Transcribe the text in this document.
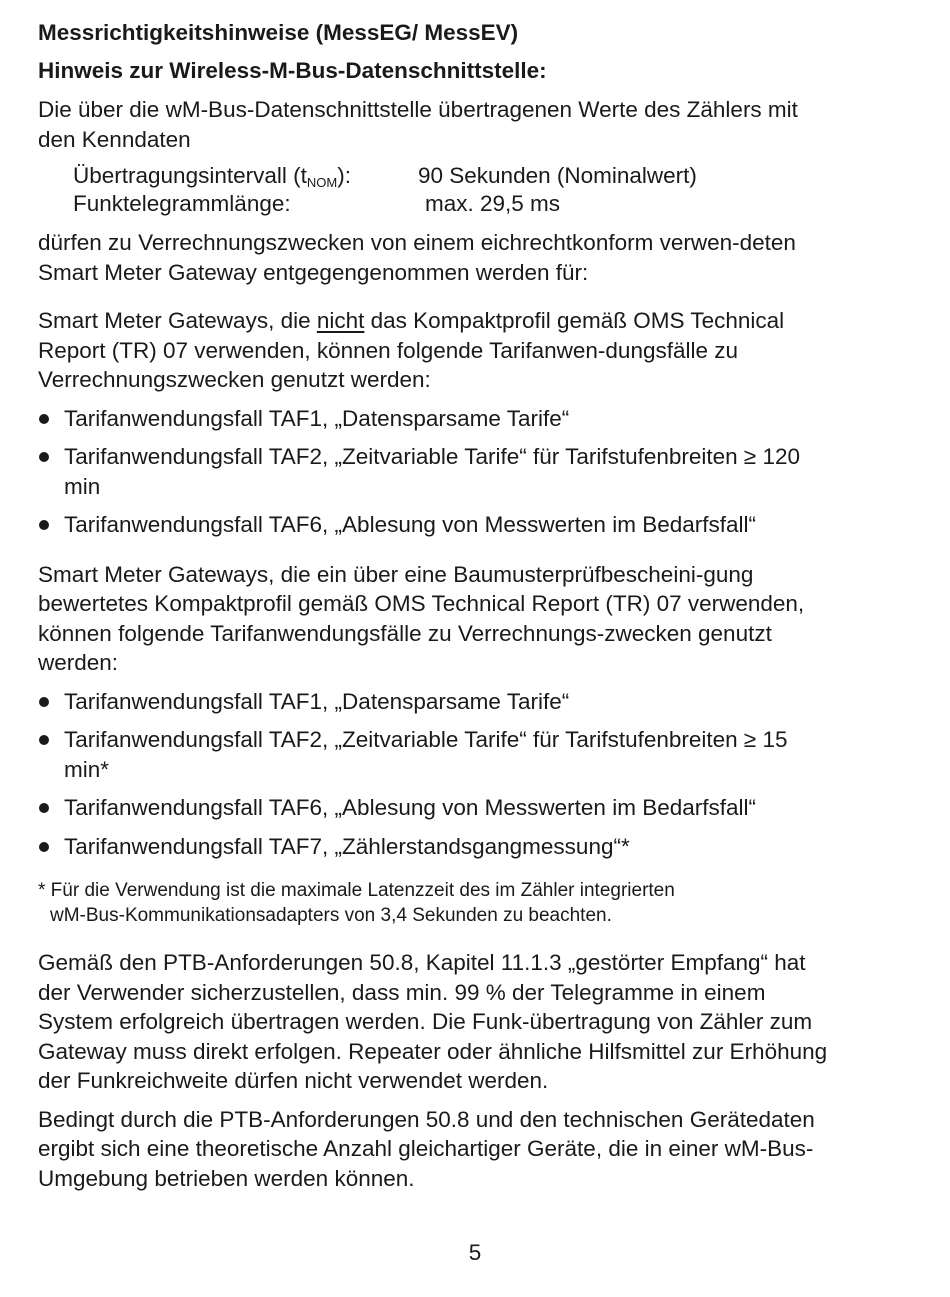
Messrichtigkeitshinweise (MessEG/ MessEV)
Hinweis zur Wireless-M-Bus-Datenschnittstelle:

Die über die wM-Bus-Datenschnittstelle übertragenen Werte des Zählers mit den Kenndaten

Übertragungsintervall $(t_{NOM})$:	90 Sekunden (Nominalwert)
Funktelegrammlänge:	max. 29,5 ms

dürfen zu Verrechnungszwecken von einem eichrechtkonform verwen-deten Smart Meter Gateway entgegengenommen werden für:

Smart Meter Gateways, die nicht das Kompaktprofil gemäß OMS Technical Report (TR) 07 verwenden, können folgende Tarifanwen-dungsfälle zu Verrechnungszwecken genutzt werden:

Tarifanwendungsfall TAF1, „Datensparsame Tarife“
Tarifanwendungsfall TAF2, „Zeitvariable Tarife“ für Tarifstufenbreiten ≥ 120 min
Tarifanwendungsfall TAF6, „Ablesung von Messwerten im Bedarfsfall“

Smart Meter Gateways, die ein über eine Baumusterprüfbescheini-gung bewertetes Kompaktprofil gemäß OMS Technical Report (TR) 07 verwenden, können folgende Tarifanwendungsfälle zu Verrechnungs-zwecken genutzt werden:

Tarifanwendungsfall TAF1, „Datensparsame Tarife“
Tarifanwendungsfall TAF2, „Zeitvariable Tarife“ für Tarifstufenbreiten ≥ 15 min*
Tarifanwendungsfall TAF6, „Ablesung von Messwerten im Bedarfsfall“
Tarifanwendungsfall TAF7, „Zählerstandsgangmessung“*
* Für die Verwendung ist die maximale Latenzzeit des im Zähler integrierten
wM-Bus-Kommunikationsadapters von 3,4 Sekunden zu beachten.

Gemäß den PTB-Anforderungen 50.8, Kapitel 11.1.3 „gestörter Empfang“ hat der Verwender sicherzustellen, dass min. 99 % der Telegramme in einem System erfolgreich übertragen werden. Die Funk-übertragung von Zähler zum Gateway muss direkt erfolgen. Repeater oder ähnliche Hilfsmittel zur Erhöhung der Funkreichweite dürfen nicht verwendet werden.

Bedingt durch die PTB-Anforderungen 50.8 und den technischen Gerätedaten ergibt sich eine theoretische Anzahl gleichartiger Geräte, die in einer wM-Bus-Umgebung betrieben werden können.

5
